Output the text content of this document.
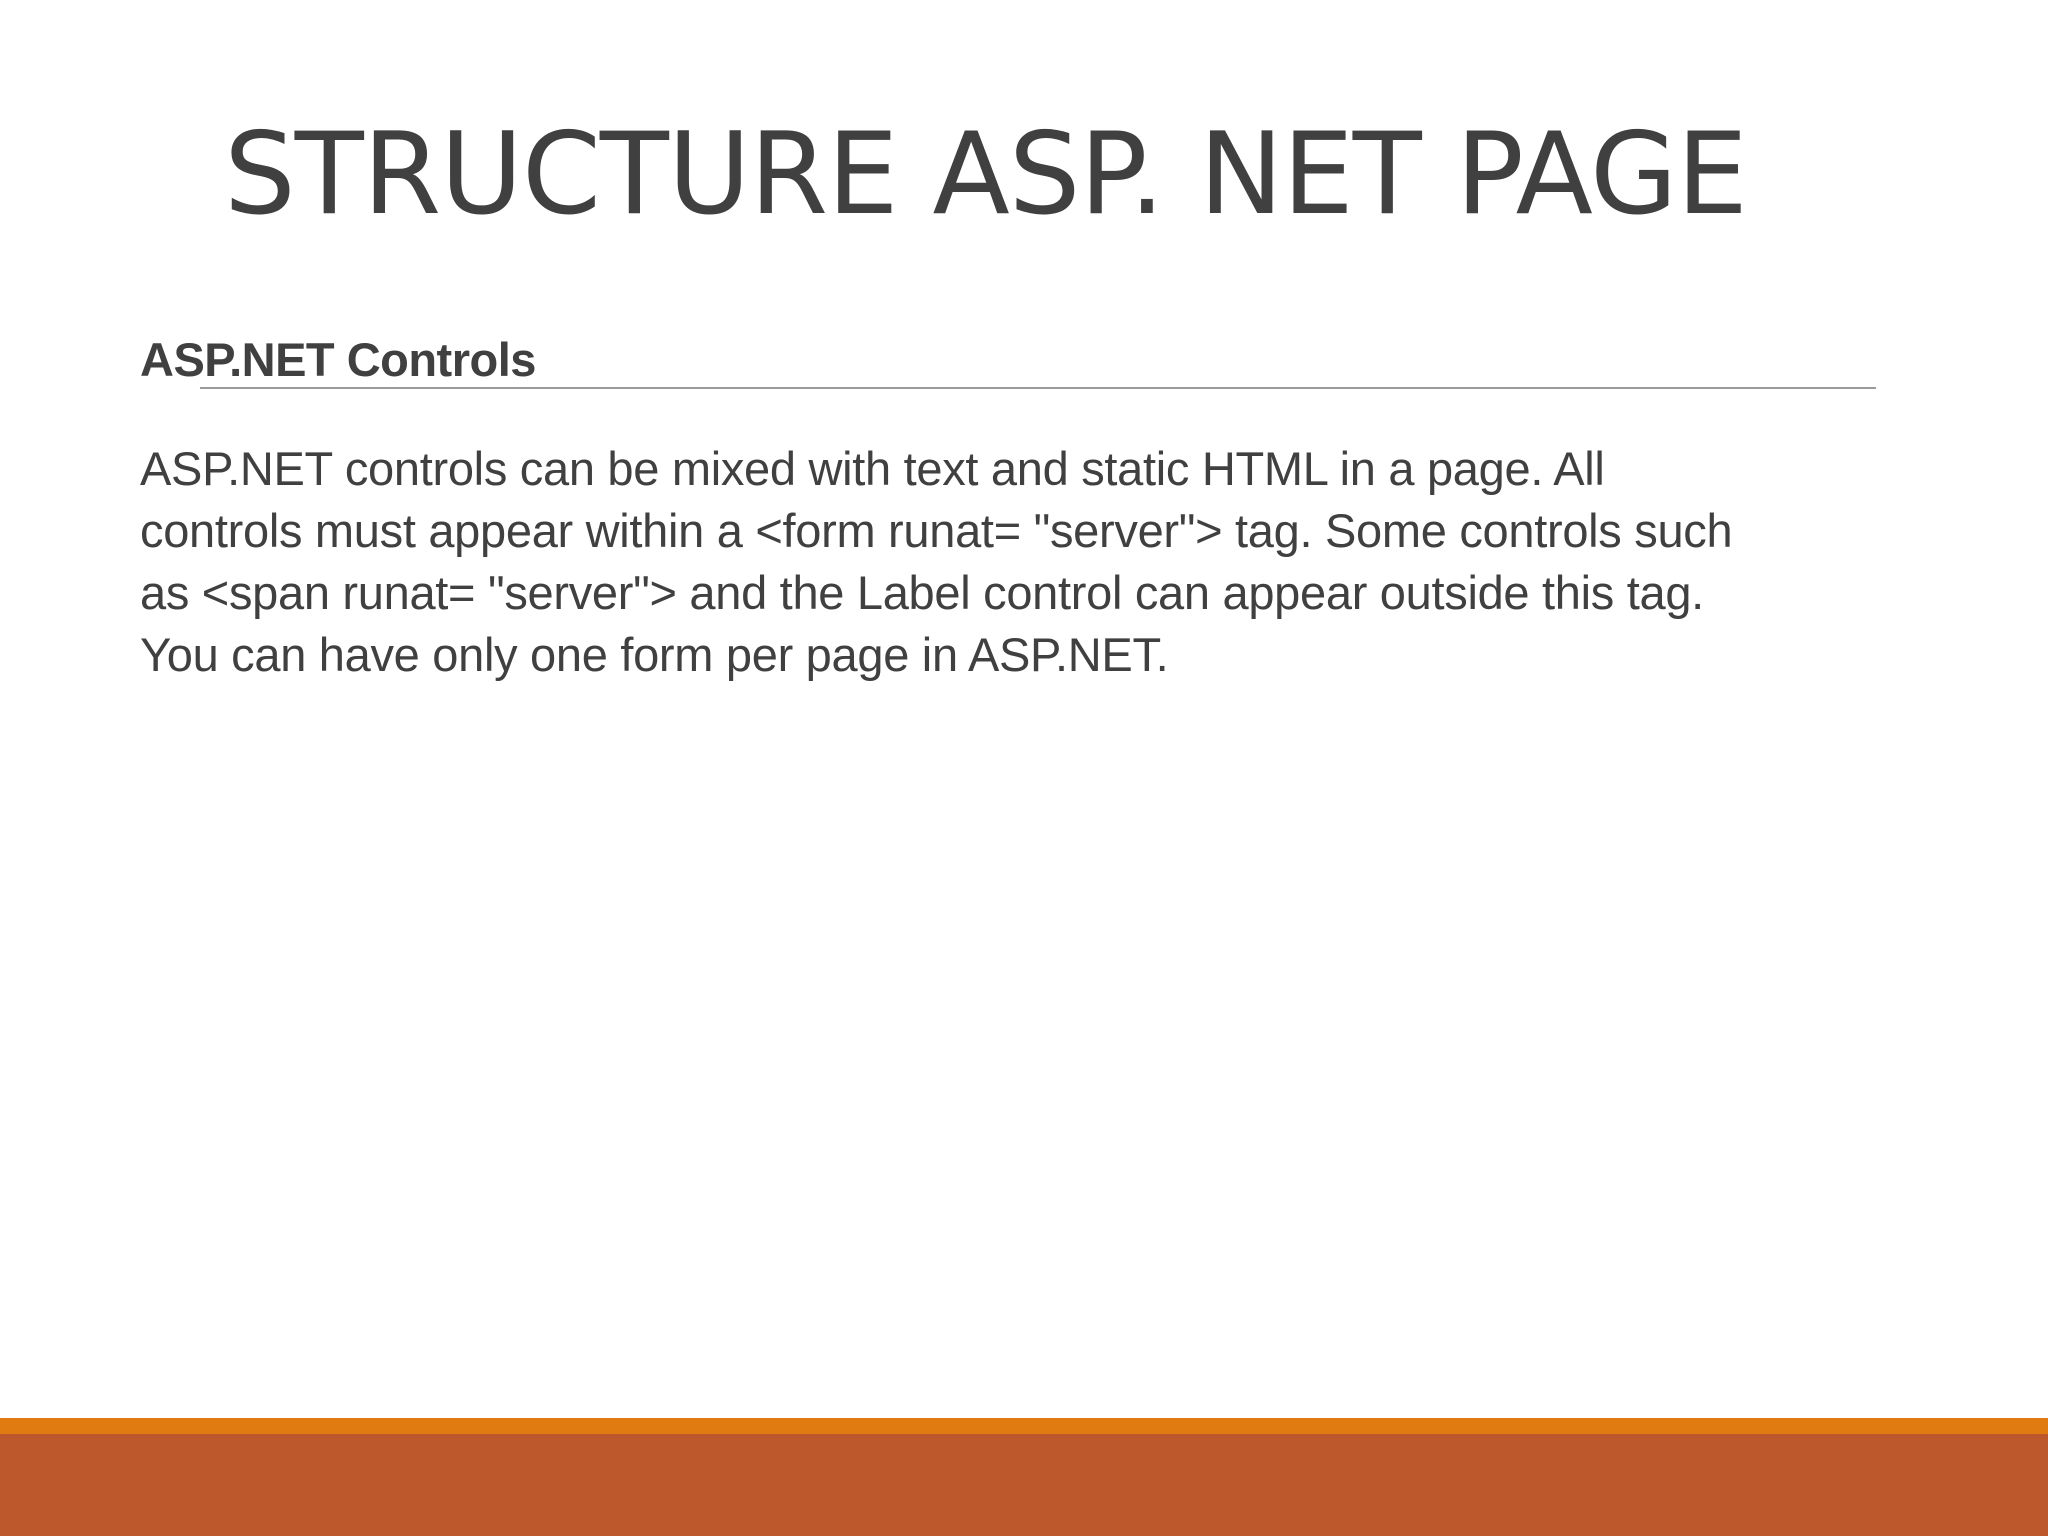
STRUCTURE ASP. NET PAGE
ASP.NET Controls

ASP.NET controls can be mixed with text and static HTML in a page. All
controls must appear within a <form runat= "server"> tag. Some controls such
as <span runat= "server"> and the Label control can appear outside this tag.
You can have only one form per page in ASP.NET.
